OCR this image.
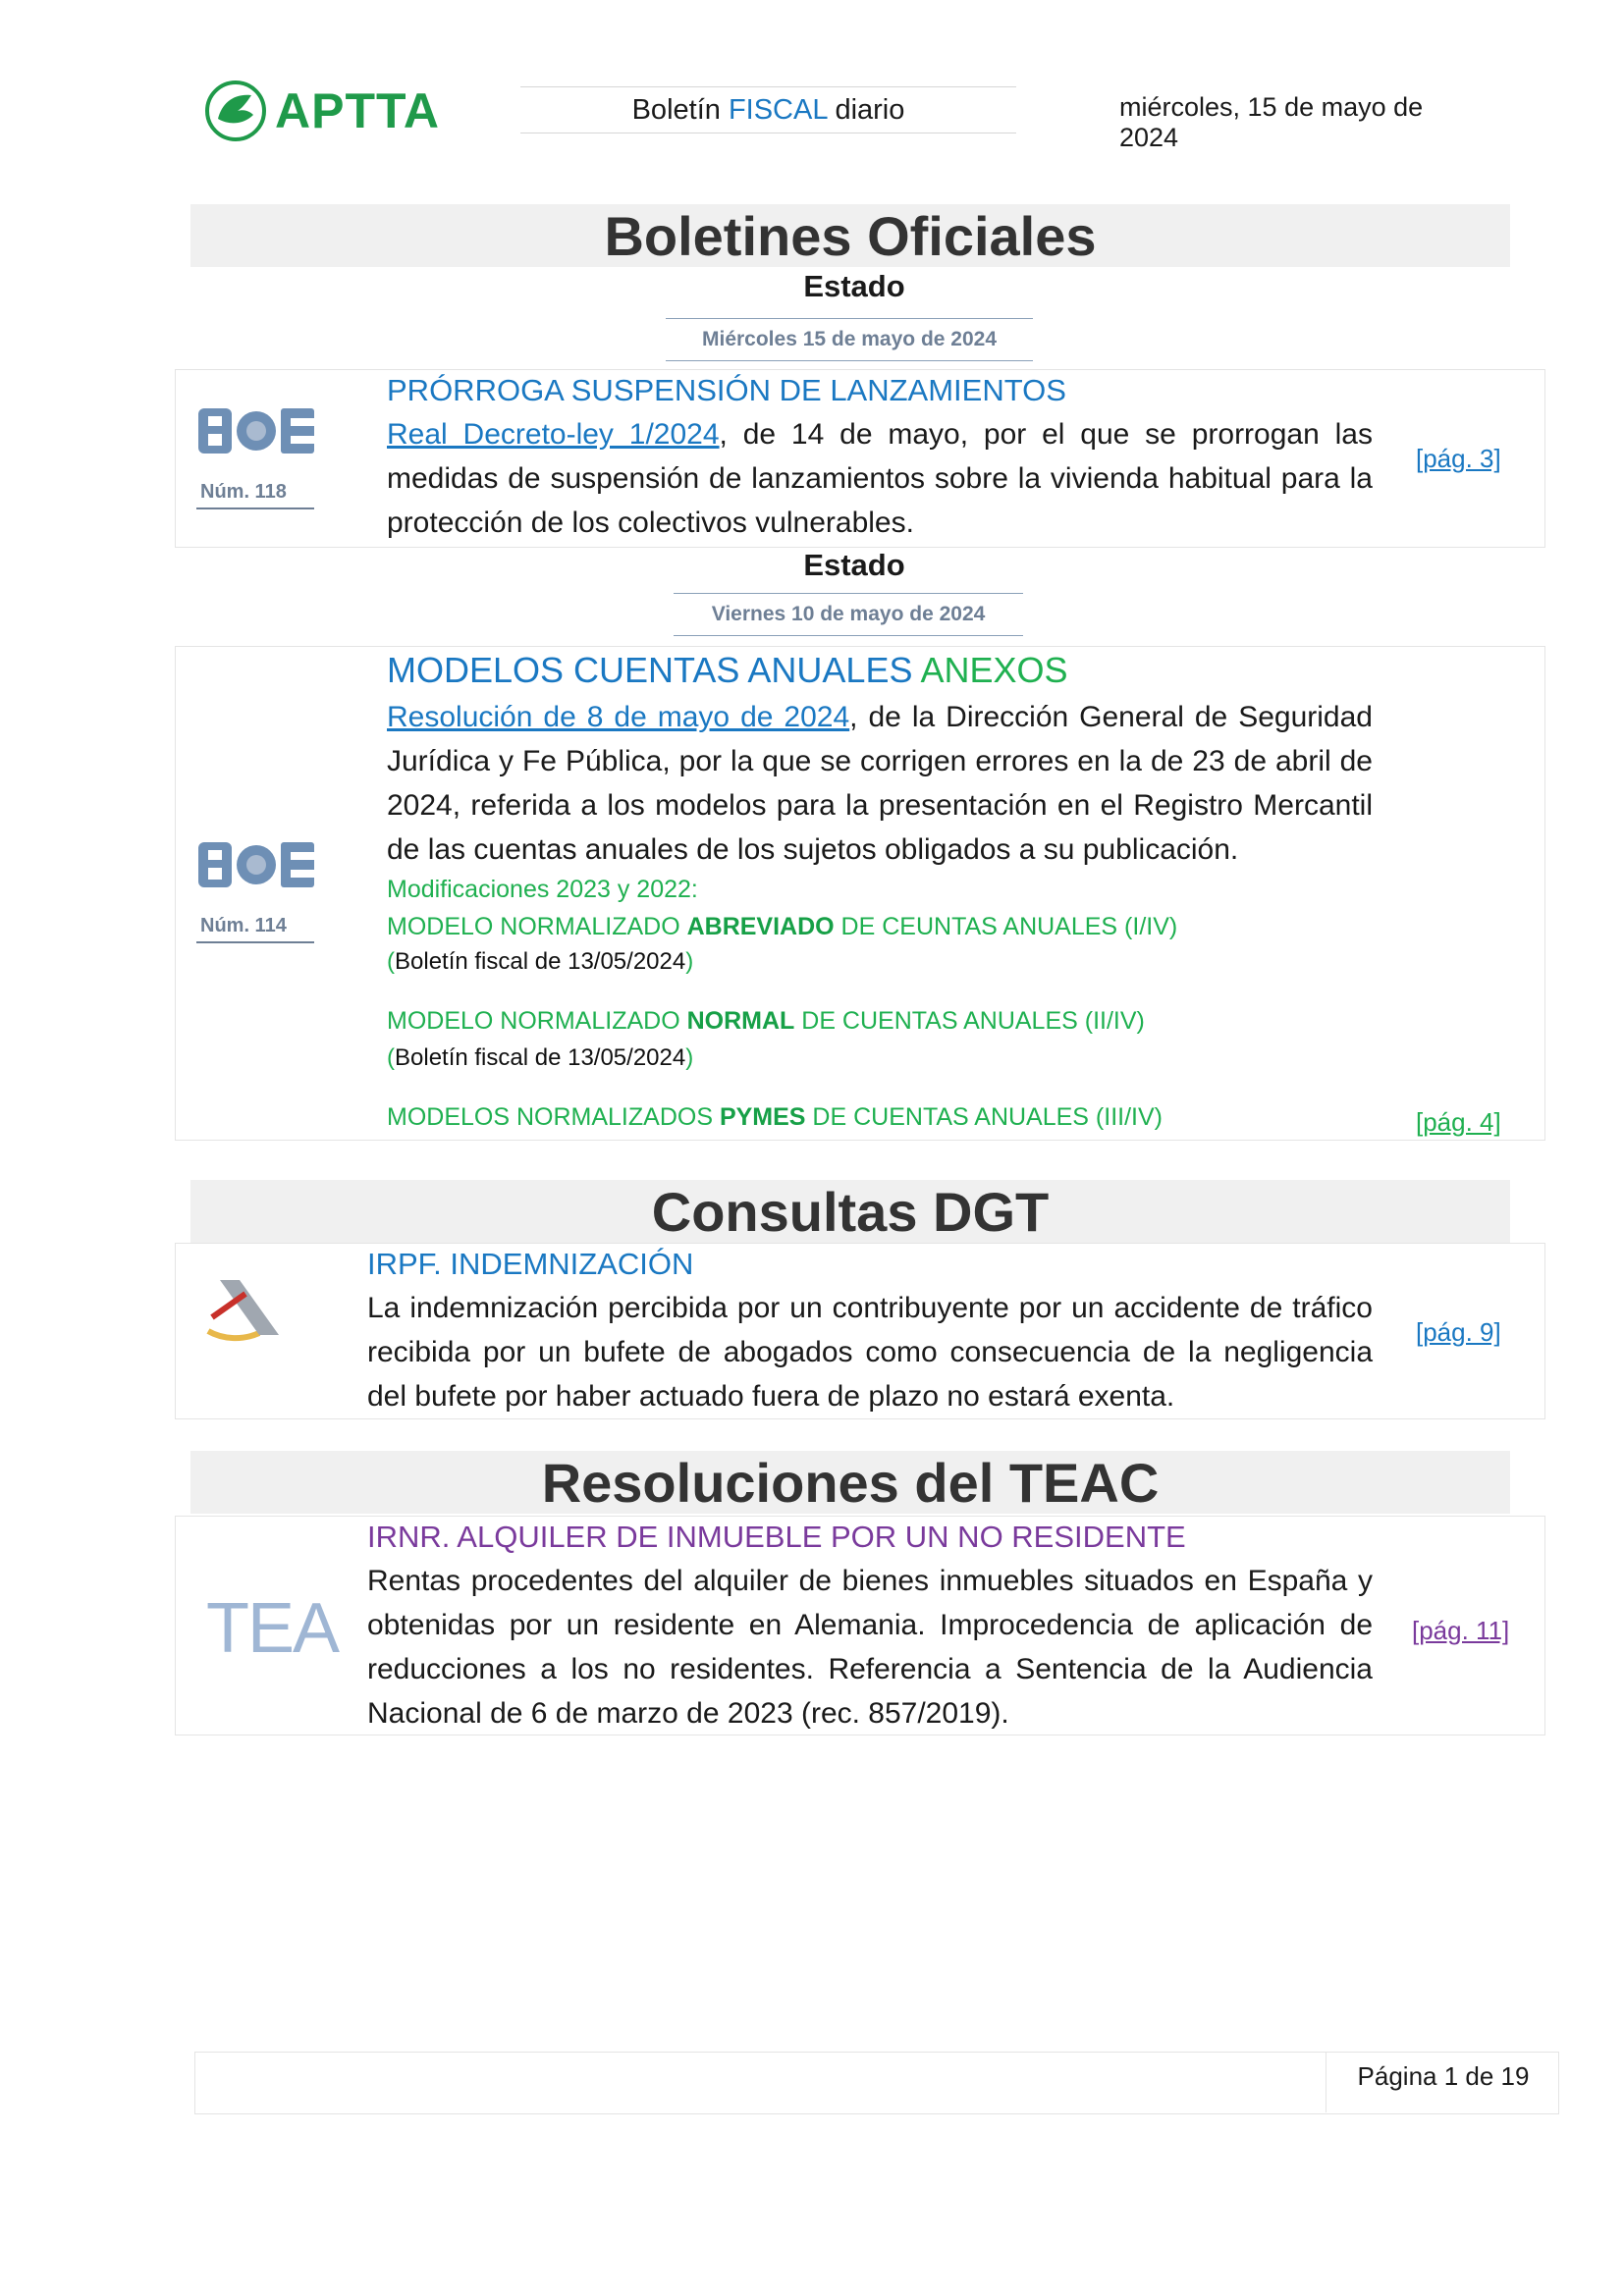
APTTA	Boletín FISCAL diario	miércoles, 15 de mayo de 2024
Boletines Oficiales
Estado
Miércoles 15 de mayo de 2024
Núm. 118
PRÓRROGA SUSPENSIÓN DE LANZAMIENTOS
Real Decreto-ley 1/2024, de 14 de mayo, por el que se prorrogan las medidas de suspensión de lanzamientos sobre la vivienda habitual para la protección de los colectivos vulnerables.
[pág. 3]
Estado
Viernes 10 de mayo de 2024
Núm. 114
MODELOS CUENTAS ANUALES ANEXOS
Resolución de 8 de mayo de 2024, de la Dirección General de Seguridad Jurídica y Fe Pública, por la que se corrigen errores en la de 23 de abril de 2024, referida a los modelos para la presentación en el Registro Mercantil de las cuentas anuales de los sujetos obligados a su publicación.
Modificaciones 2023 y 2022:
MODELO NORMALIZADO ABREVIADO DE CEUNTAS ANUALES (I/IV)
(Boletín fiscal de 13/05/2024)
MODELO NORMALIZADO NORMAL DE CUENTAS ANUALES (II/IV)
(Boletín fiscal de 13/05/2024)
MODELOS NORMALIZADOS PYMES DE CUENTAS ANUALES (III/IV)	[pág. 4]
Consultas DGT
IRPF. INDEMNIZACIÓN
La indemnización percibida por un contribuyente por un accidente de tráfico recibida por un bufete de abogados como consecuencia de la negligencia del bufete por haber actuado fuera de plazo no estará exenta.
[pág. 9]
Resoluciones del TEAC
TEA
IRNR. ALQUILER DE INMUEBLE POR UN NO RESIDENTE
Rentas procedentes del alquiler de bienes inmuebles situados en España y obtenidas por un residente en Alemania. Improcedencia de aplicación de reducciones a los no residentes. Referencia a Sentencia de la Audiencia Nacional de 6 de marzo de 2023 (rec. 857/2019).
[pág. 11]
Página 1 de 19
